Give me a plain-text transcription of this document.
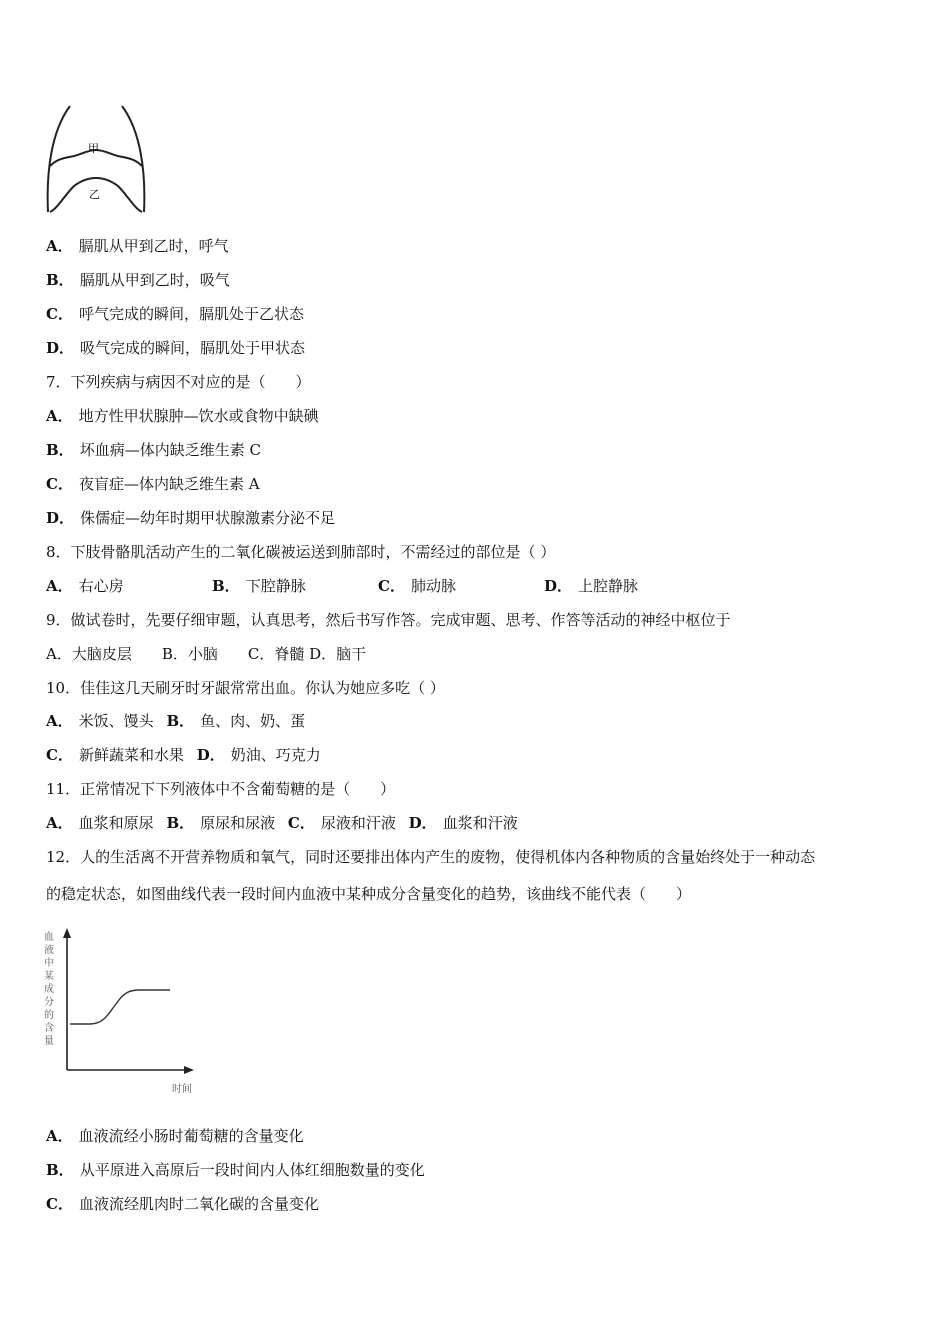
甲
乙
A． 膈肌从甲到乙时，呼气
B． 膈肌从甲到乙时，吸气
C． 呼气完成的瞬间，膈肌处于乙状态
D． 吸气完成的瞬间，膈肌处于甲状态
7．下列疾病与病因不对应的是（　　）
A． 地方性甲状腺肿—饮水或食物中缺碘
B． 坏血病—体内缺乏维生素 C
C． 夜盲症—体内缺乏维生素 A
D． 侏儒症—幼年时期甲状腺激素分泌不足
8．下肢骨骼肌活动产生的二氧化碳被运送到肺部时，不需经过的部位是（ ）
A． 右心房	B． 下腔静脉	C． 肺动脉	D． 上腔静脉
9．做试卷时，先要仔细审题，认真思考，然后书写作答。完成审题、思考、作答等活动的神经中枢位于
A．大脑皮层　　B．小脑　　C．脊髓 D．脑干
10．佳佳这几天刷牙时牙龈常常出血。你认为她应多吃（ ）
A． 米饭、馒头 B． 鱼、肉、奶、蛋
C． 新鲜蔬菜和水果 D． 奶油、巧克力
11．正常情况下下列液体中不含葡萄糖的是（　　）
A． 血浆和原尿 B． 原尿和尿液 C． 尿液和汗液 D． 血浆和汗液
12．人的生活离不开营养物质和氧气，同时还要排出体内产生的废物，使得机体内各种物质的含量始终处于一种动态
的稳定状态，如图曲线代表一段时间内血液中某种成分含量变化的趋势，该曲线不能代表（　　）
血液中某成分的含量
时间
A． 血液流经小肠时葡萄糖的含量变化
B． 从平原进入高原后一段时间内人体红细胞数量的变化
C． 血液流经肌肉时二氧化碳的含量变化
